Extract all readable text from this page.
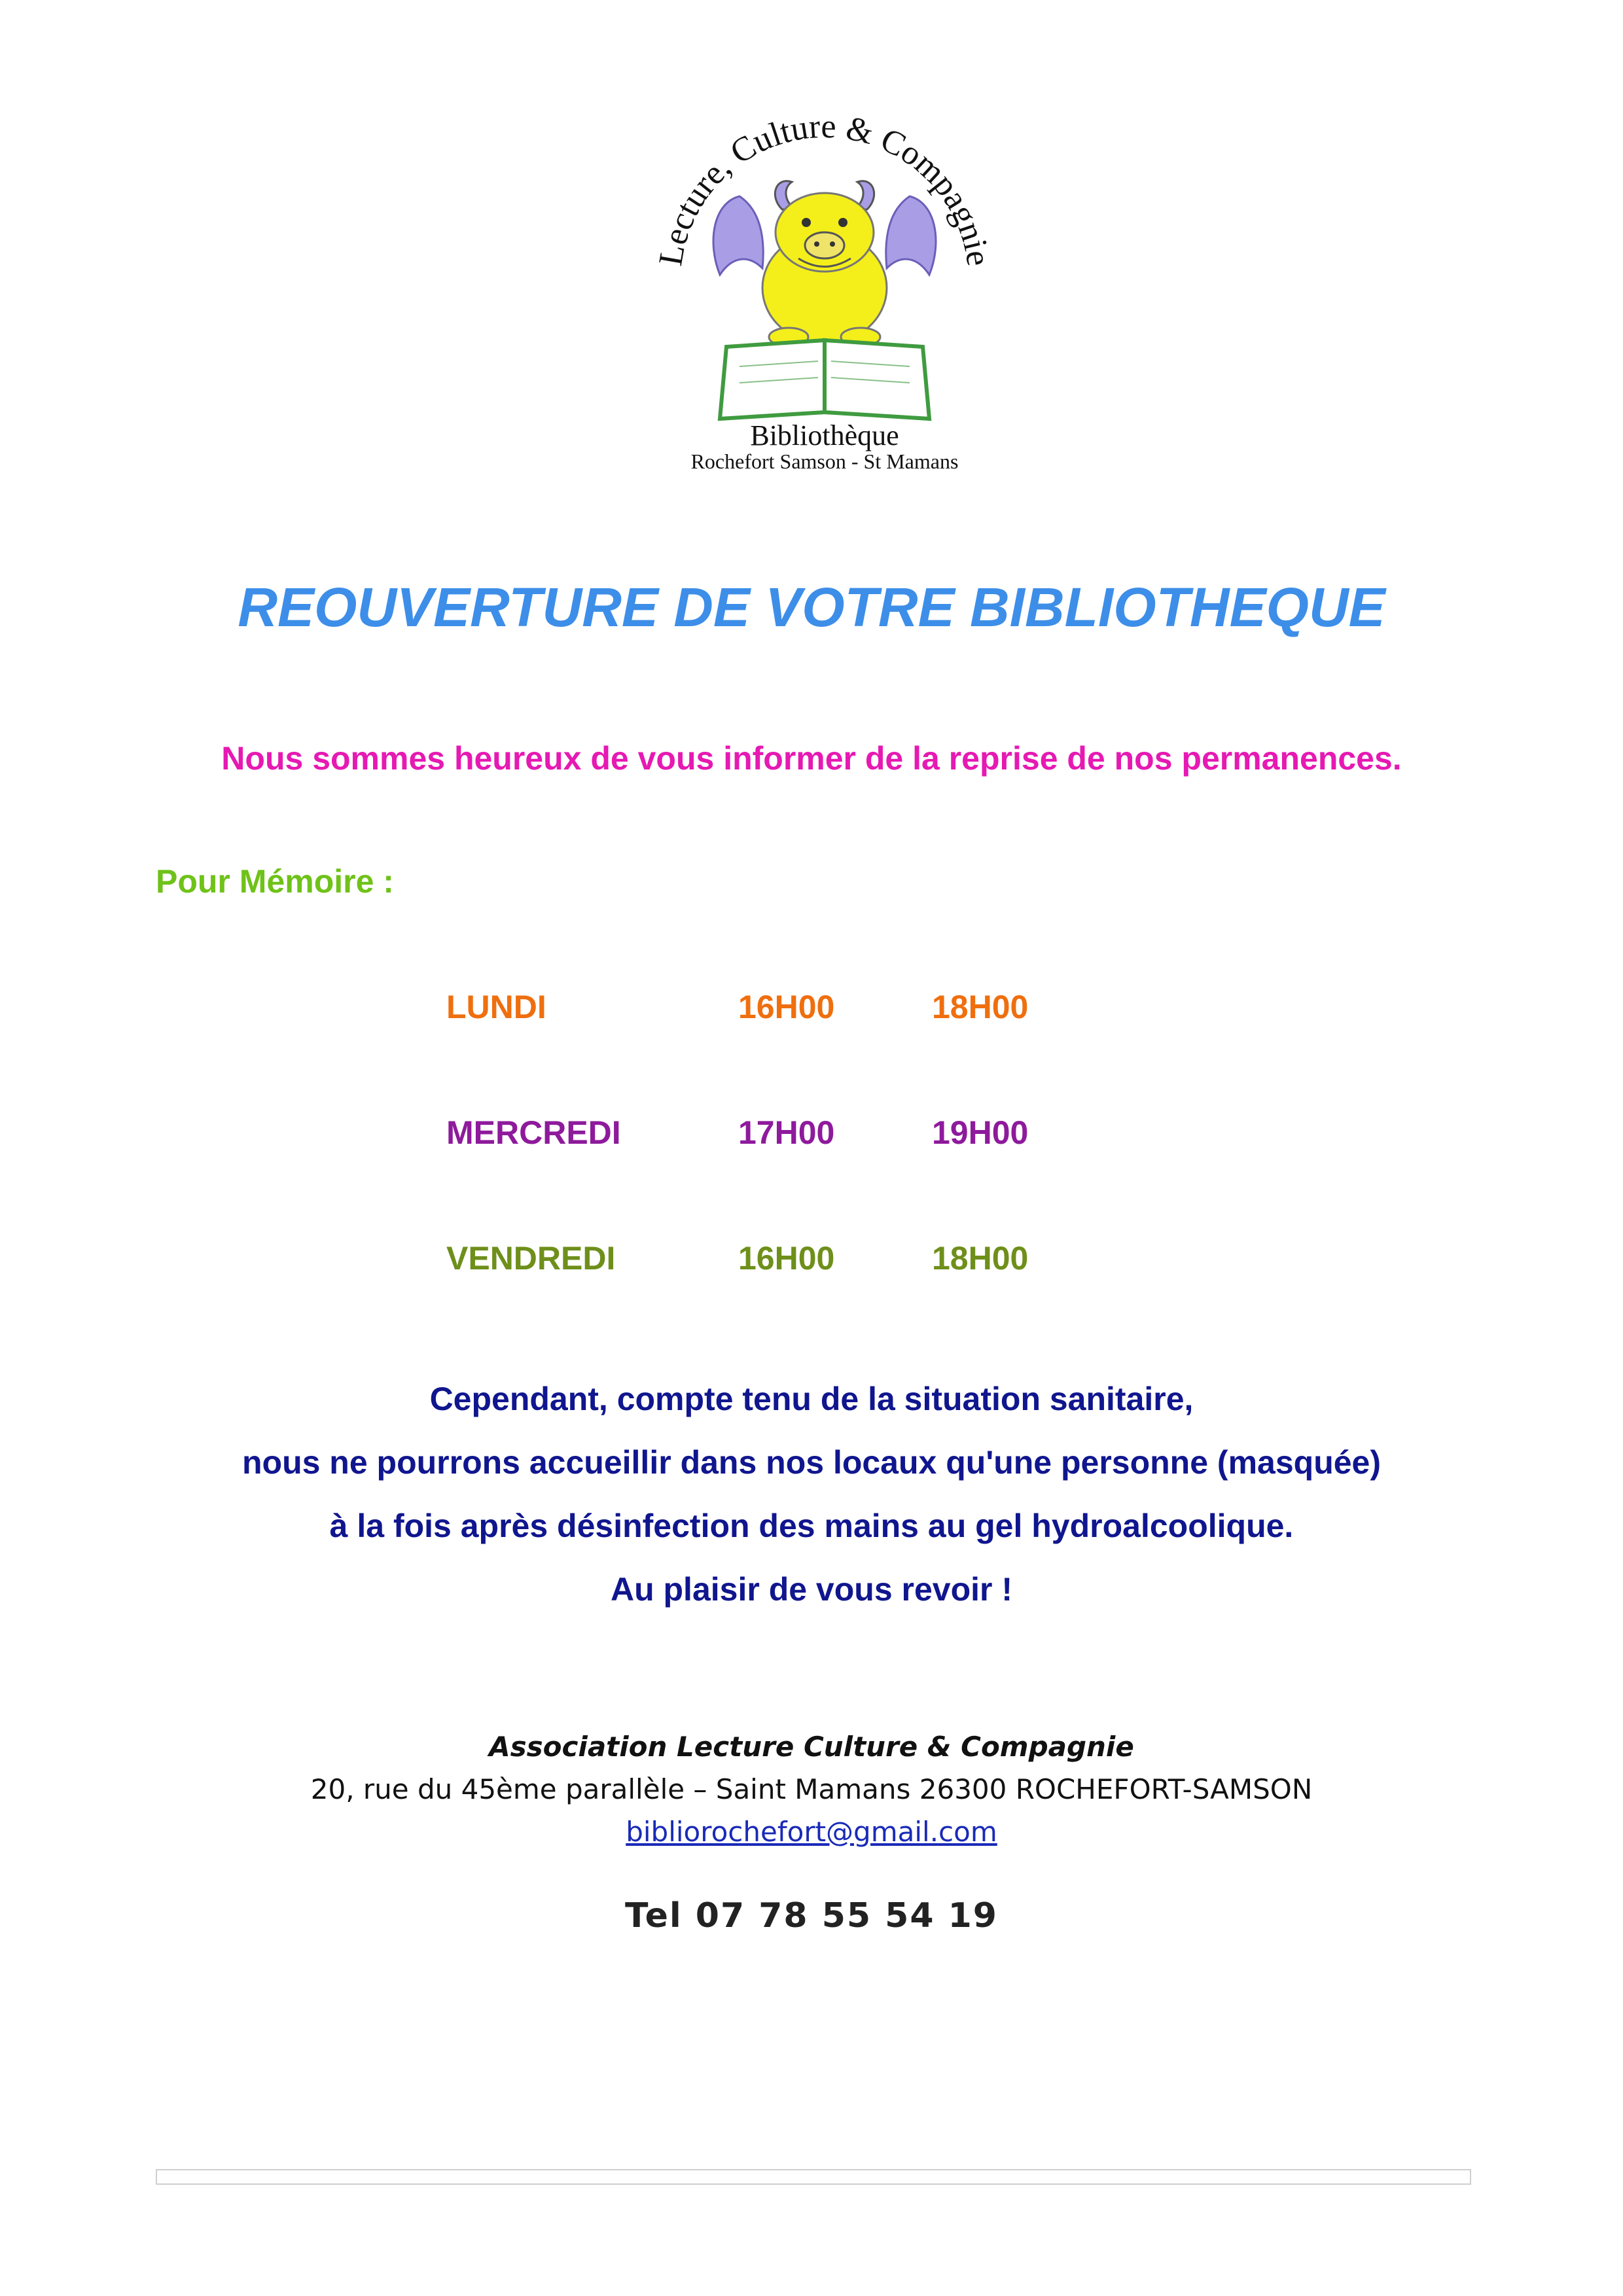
Lecture, Culture & Compagnie
Bibliothèque
Rochefort Samson - St Mamans
REOUVERTURE DE VOTRE BIBLIOTHEQUE
Nous sommes heureux de vous informer de la reprise de nos permanences.
Pour Mémoire :
LUNDI	16H00	18H00
MERCREDI	17H00	19H00
VENDREDI	16H00	18H00
Cependant, compte tenu de la situation sanitaire,
nous ne pourrons accueillir dans nos locaux qu'une personne (masquée)
à la fois après désinfection des mains au gel hydroalcoolique.
Au plaisir de vous revoir !
Association Lecture Culture & Compagnie
20, rue du 45ème parallèle – Saint Mamans 26300 ROCHEFORT-SAMSON
bibliorochefort@gmail.com
Tel 07 78 55 54 19
